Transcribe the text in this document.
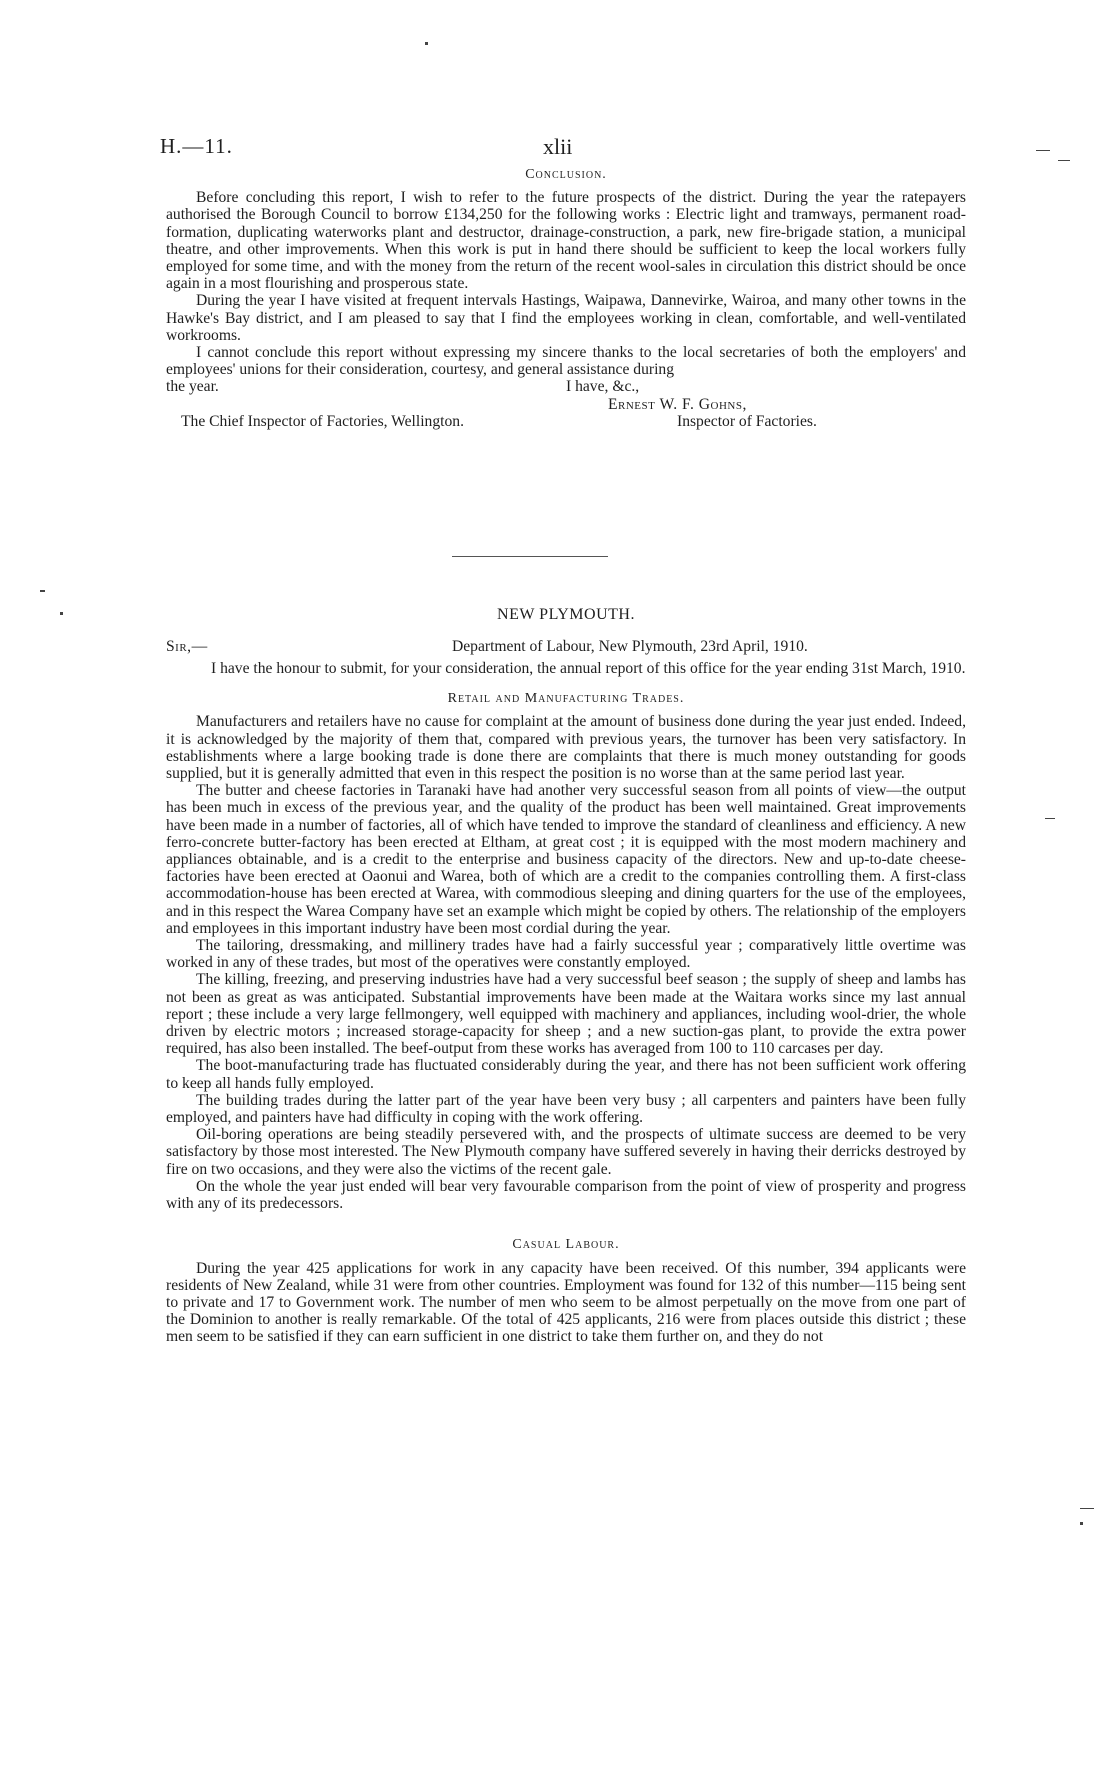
H.—11.	xlii
Conclusion.

Before concluding this report, I wish to refer to the future prospects of the district. During the year the ratepayers authorised the Borough Council to borrow £134,250 for the following works : Electric light and tramways, permanent road-formation, duplicating waterworks plant and destructor, drainage-construction, a park, new fire-brigade station, a municipal theatre, and other improvements. When this work is put in hand there should be sufficient to keep the local workers fully employed for some time, and with the money from the return of the recent wool-sales in circulation this district should be once again in a most flourishing and prosperous state.

During the year I have visited at frequent intervals Hastings, Waipawa, Dannevirke, Wairoa, and many other towns in the Hawke's Bay district, and I am pleased to say that I find the employees working in clean, comfortable, and well-ventilated workrooms.

I cannot conclude this report without expressing my sincere thanks to the local secretaries of both the employers' and employees' unions for their consideration, courtesy, and general assistance during

the year.	I have, &c.,
Ernest W. F. Gohns,
The Chief Inspector of Factories, Wellington.	Inspector of Factories.
NEW PLYMOUTH.
Sir,—	Department of Labour, New Plymouth, 23rd April, 1910.

I have the honour to submit, for your consideration, the annual report of this office for the year ending 31st March, 1910.

Retail and Manufacturing Trades.

Manufacturers and retailers have no cause for complaint at the amount of business done during the year just ended. Indeed, it is acknowledged by the majority of them that, compared with previous years, the turnover has been very satisfactory. In establishments where a large booking trade is done there are complaints that there is much money outstanding for goods supplied, but it is generally admitted that even in this respect the position is no worse than at the same period last year.

The butter and cheese factories in Taranaki have had another very successful season from all points of view—the output has been much in excess of the previous year, and the quality of the product has been well maintained. Great improvements have been made in a number of factories, all of which have tended to improve the standard of cleanliness and efficiency. A new ferro-concrete butter-factory has been erected at Eltham, at great cost ; it is equipped with the most modern machinery and appliances obtainable, and is a credit to the enterprise and business capacity of the directors. New and up-to-date cheese-factories have been erected at Oaonui and Warea, both of which are a credit to the companies controlling them. A first-class accommodation-house has been erected at Warea, with commodious sleeping and dining quarters for the use of the employees, and in this respect the Warea Company have set an example which might be copied by others. The relationship of the employers and employees in this important industry have been most cordial during the year.

The tailoring, dressmaking, and millinery trades have had a fairly successful year ; comparatively little overtime was worked in any of these trades, but most of the operatives were constantly employed.

The killing, freezing, and preserving industries have had a very successful beef season ; the supply of sheep and lambs has not been as great as was anticipated. Substantial improvements have been made at the Waitara works since my last annual report ; these include a very large fellmongery, well equipped with machinery and appliances, including wool-drier, the whole driven by electric motors ; increased storage-capacity for sheep ; and a new suction-gas plant, to provide the extra power required, has also been installed. The beef-output from these works has averaged from 100 to 110 carcases per day.

The boot-manufacturing trade has fluctuated considerably during the year, and there has not been sufficient work offering to keep all hands fully employed.

The building trades during the latter part of the year have been very busy ; all carpenters and painters have been fully employed, and painters have had difficulty in coping with the work offering.

Oil-boring operations are being steadily persevered with, and the prospects of ultimate success are deemed to be very satisfactory by those most interested. The New Plymouth company have suffered severely in having their derricks destroyed by fire on two occasions, and they were also the victims of the recent gale.

On the whole the year just ended will bear very favourable comparison from the point of view of prosperity and progress with any of its predecessors.

Casual Labour.

During the year 425 applications for work in any capacity have been received. Of this number, 394 applicants were residents of New Zealand, while 31 were from other countries. Employment was found for 132 of this number—115 being sent to private and 17 to Government work. The number of men who seem to be almost perpetually on the move from one part of the Dominion to another is really remarkable. Of the total of 425 applicants, 216 were from places outside this district ; these men seem to be satisfied if they can earn sufficient in one district to take them further on, and they do not
